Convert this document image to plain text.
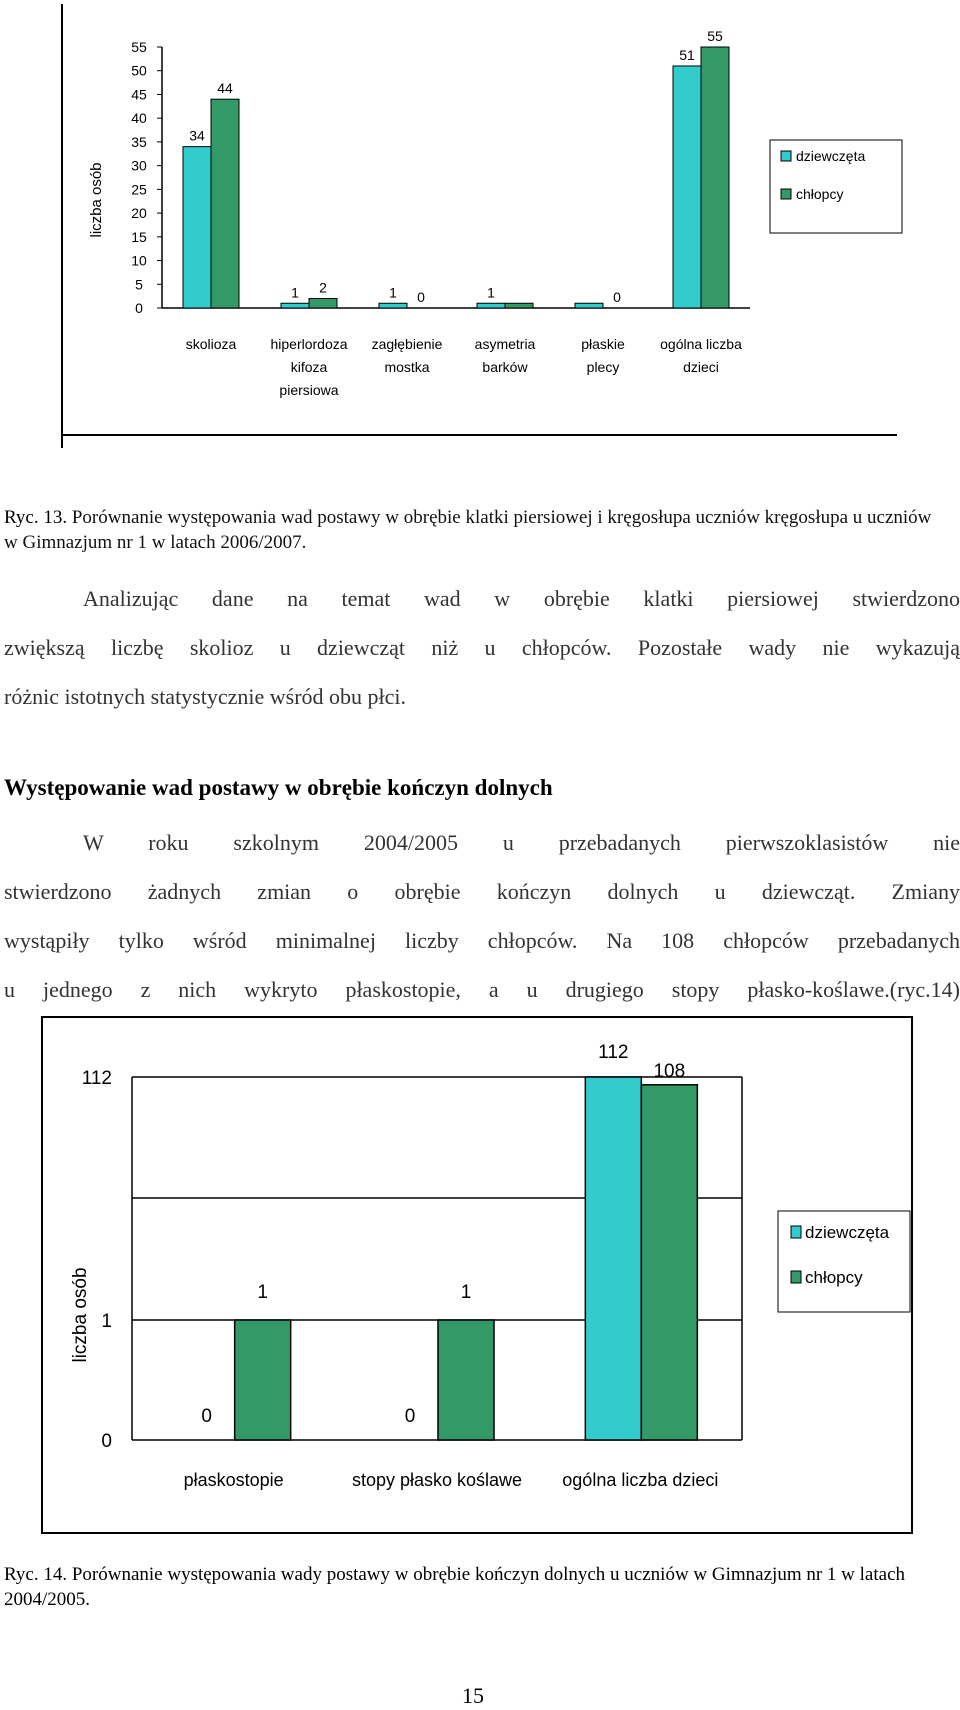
0
5
10
15
20
25
30
35
40
45
50
55
34
44
1 2	1 0	1	0
51
55
skolioza hiperlordoza
kifoza
piersiowa
zagłębienie
mostka
asymetria
barków
płaskie
plecy
ogólna liczba
dzieci
dziewczęta
chłopcy
liczba osób
Ryc. 13. Porównanie występowania wad postawy w obrębie klatki piersiowej i kręgosłupa uczniów kręgosłupa u uczniów w Gimnazjum nr 1 w latach 2006/2007.
Analizując dane na temat wad w obrębie klatki piersiowej stwierdzono
zwiększą liczbę skolioz u dziewcząt niż u chłopców. Pozostałe wady nie wykazują
różnic istotnych statystycznie wśród obu płci.
Występowanie wad postawy w obrębie kończyn dolnych
W roku szkolnym 2004/2005 u przebadanych pierwszoklasistów nie
stwierdzono żadnych zmian o obrębie kończyn dolnych u dziewcząt. Zmiany
wystąpiły tylko wśród minimalnej liczby chłopców. Na 108 chłopców przebadanych
u jednego z nich wykryto płaskostopie, a u drugiego stopy płasko-koślawe.(ryc.14)
0
1
0
1
112
108
0
1
112
płaskostopie	stopy płasko koślawe ogólna liczba dzieci
dziewczęta
chłopcy
liczba osób
Ryc. 14. Porównanie występowania wady postawy w obrębie kończyn dolnych u uczniów w Gimnazjum nr 1 w latach 2004/2005.
15
